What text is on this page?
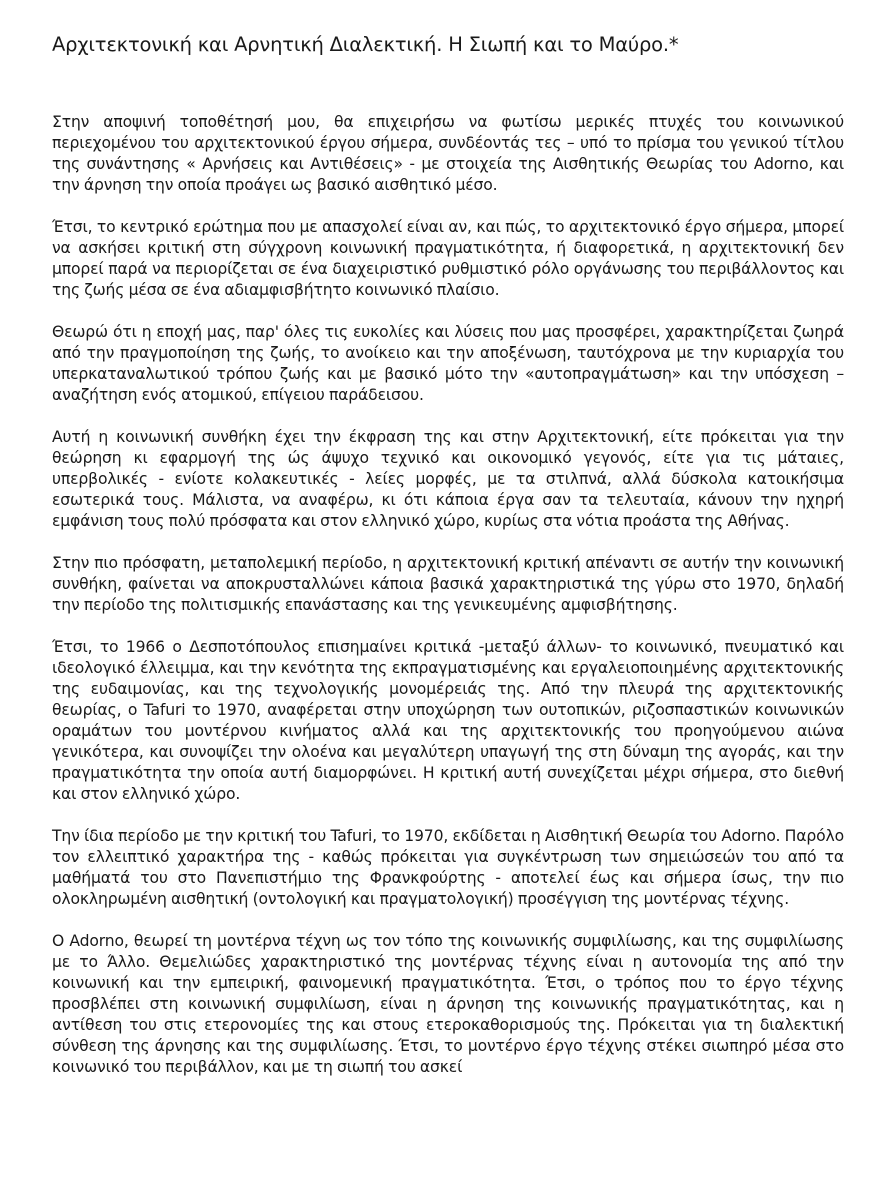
Αρχιτεκτονική και Αρνητική Διαλεκτική. Η Σιωπή και το Μαύρο.*

Στην αποψινή τοποθέτησή μου, θα επιχειρήσω να φωτίσω μερικές πτυχές του κοινωνικού περιεχομένου του αρχιτεκτονικού έργου σήμερα, συνδέοντάς τες – υπό το πρίσμα του γενικού τίτλου της συνάντησης « Αρνήσεις και Αντιθέσεις» - με στοιχεία της Αισθητικής Θεωρίας του Adorno, και την άρνηση την οποία προάγει ως βασικό αισθητικό μέσο.

Έτσι, το κεντρικό ερώτημα που με απασχολεί είναι αν, και πώς, το αρχιτεκτονικό έργο σήμερα, μπορεί να ασκήσει κριτική στη σύγχρονη κοινωνική πραγματικότητα, ή διαφορετικά, η αρχιτεκτονική δεν μπορεί παρά να περιορίζεται σε ένα διαχειριστικό ρυθμιστικό ρόλο οργάνωσης του περιβάλλοντος και της ζωής μέσα σε ένα αδιαμφισβήτητο κοινωνικό πλαίσιο.

Θεωρώ ότι η εποχή μας, παρ' όλες τις ευκολίες και λύσεις που μας προσφέρει, χαρακτηρίζεται ζωηρά από την πραγμοποίηση της ζωής, το ανοίκειο και την αποξένωση, ταυτόχρονα με την κυριαρχία του υπερκαταναλωτικού τρόπου ζωής και με βασικό μότο την «αυτοπραγμάτωση» και την υπόσχεση – αναζήτηση ενός ατομικού, επίγειου παράδεισου.

Αυτή η κοινωνική συνθήκη έχει την έκφραση της και στην Αρχιτεκτονική, είτε πρόκειται για την θεώρηση κι εφαρμογή της ώς άψυχο τεχνικό και οικονομικό γεγονός, είτε για τις μάταιες, υπερβολικές - ενίοτε κολακευτικές - λείες μορφές, με τα στιλπνά, αλλά δύσκολα κατοικήσιμα εσωτερικά τους. Μάλιστα, να αναφέρω, κι ότι κάποια έργα σαν τα τελευταία, κάνουν την ηχηρή εμφάνιση τους πολύ πρόσφατα και στον ελληνικό χώρο, κυρίως στα νότια προάστα της Αθήνας.

Στην πιο πρόσφατη, μεταπολεμική περίοδο, η αρχιτεκτονική κριτική απέναντι σε αυτήν την κοινωνική συνθήκη, φαίνεται να αποκρυσταλλώνει κάποια βασικά χαρακτηριστικά της γύρω στο 1970, δηλαδή την περίοδο της πολιτισμικής επανάστασης και της γενικευμένης αμφισβήτησης.

Έτσι, το 1966 ο Δεσποτόπουλος επισημαίνει κριτικά -μεταξύ άλλων- το κοινωνικό, πνευματικό και ιδεολογικό έλλειμμα, και την κενότητα της εκπραγματισμένης και εργαλειοποιημένης αρχιτεκτονικής της ευδαιμονίας, και της τεχνολογικής μονομέρειάς της. Από την πλευρά της αρχιτεκτονικής θεωρίας, ο Tafuri το 1970, αναφέρεται στην υποχώρηση των ουτοπικών, ριζοσπαστικών κοινωνικών οραμάτων του μοντέρνου κινήματος αλλά και της αρχιτεκτονικής του προηγούμενου αιώνα γενικότερα, και συνοψίζει την ολοένα και μεγαλύτερη υπαγωγή της στη δύναμη της αγοράς, και την πραγματικότητα την οποία αυτή διαμορφώνει. Η κριτική αυτή συνεχίζεται μέχρι σήμερα, στο διεθνή και στον ελληνικό χώρο.

Την ίδια περίοδο με την κριτική του Tafuri, το 1970, εκδίδεται η Αισθητική Θεωρία του Adorno. Παρόλο τον ελλειπτικό χαρακτήρα της - καθώς πρόκειται για συγκέντρωση των σημειώσεών του από τα μαθήματά του στο Πανεπιστήμιο της Φρανκφούρτης - αποτελεί έως και σήμερα ίσως, την πιο ολοκληρωμένη αισθητική (οντολογική και πραγματολογική) προσέγγιση της μοντέρνας τέχνης.

Ο Adorno, θεωρεί τη μοντέρνα τέχνη ως τον τόπο της κοινωνικής συμφιλίωσης, και της συμφιλίωσης με το Άλλο. Θεμελιώδες χαρακτηριστικό της μοντέρνας τέχνης είναι η αυτονομία της από την κοινωνική και την εμπειρική, φαινομενική πραγματικότητα. Έτσι, ο τρόπος που το έργο τέχνης προσβλέπει στη κοινωνική συμφιλίωση, είναι η άρνηση της κοινωνικής πραγματικότητας, και η αντίθεση του στις ετερονομίες της και στους ετεροκαθορισμούς της. Πρόκειται για τη διαλεκτική σύνθεση της άρνησης και της συμφιλίωσης. Έτσι, το μοντέρνο έργο τέχνης στέκει σιωπηρό μέσα στο κοινωνικό του περιβάλλον, και με τη σιωπή του ασκεί
